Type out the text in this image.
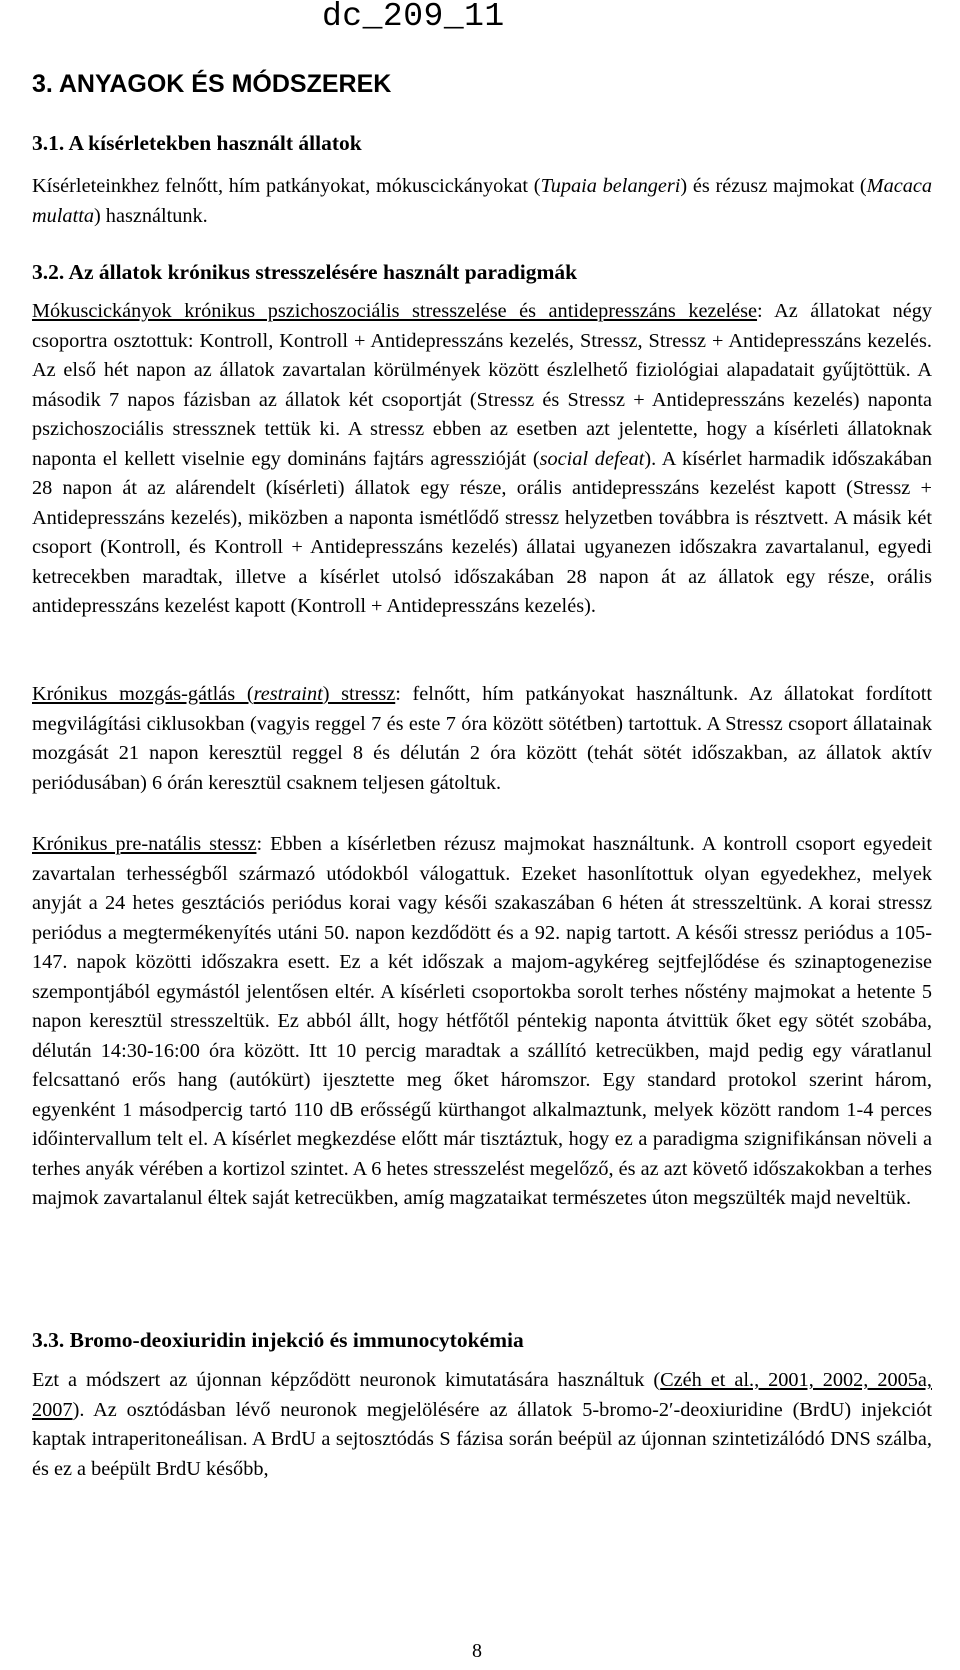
dc_209_11
3. ANYAGOK ÉS MÓDSZEREK
3.1. A kísérletekben használt állatok
Kísérleteinkhez felnőtt, hím patkányokat, mókuscickányokat (Tupaia belangeri) és rézusz majmokat (Macaca mulatta) használtunk.
3.2. Az állatok krónikus stresszelésére használt paradigmák
Mókuscickányok krónikus pszichoszociális stresszelése és antidepresszáns kezelése: Az állatokat négy csoportra osztottuk: Kontroll, Kontroll + Antidepresszáns kezelés, Stressz, Stressz + Antidepresszáns kezelés. Az első hét napon az állatok zavartalan körülmények között észlelhető fiziológiai alapadatait gyűjtöttük. A második 7 napos fázisban az állatok két csoportját (Stressz és Stressz + Antidepresszáns kezelés) naponta pszichoszociális stressznek tettük ki. A stressz ebben az esetben azt jelentette, hogy a kísérleti állatoknak naponta el kellett viselnie egy domináns fajtárs agresszióját (social defeat). A kísérlet harmadik időszakában 28 napon át az alárendelt (kísérleti) állatok egy része, orális antidepresszáns kezelést kapott (Stressz + Antidepresszáns kezelés), miközben a naponta ismétlődő stressz helyzetben továbbra is résztvett. A másik két csoport (Kontroll, és Kontroll + Antidepresszáns kezelés) állatai ugyanezen időszakra zavartalanul, egyedi ketrecekben maradtak, illetve a kísérlet utolsó időszakában 28 napon át az állatok egy része, orális antidepresszáns kezelést kapott (Kontroll + Antidepresszáns kezelés).
Krónikus mozgás-gátlás (restraint) stressz: felnőtt, hím patkányokat használtunk. Az állatokat fordított megvilágítási ciklusokban (vagyis reggel 7 és este 7 óra között sötétben) tartottuk. A Stressz csoport állatainak mozgását 21 napon keresztül reggel 8 és délután 2 óra között (tehát sötét időszakban, az állatok aktív periódusában) 6 órán keresztül csaknem teljesen gátoltuk.
Krónikus pre-natális stessz: Ebben a kísérletben rézusz majmokat használtunk. A kontroll csoport egyedeit zavartalan terhességből származó utódokból válogattuk. Ezeket hasonlítottuk olyan egyedekhez, melyek anyját a 24 hetes gesztációs periódus korai vagy késői szakaszában 6 héten át stresszeltünk. A korai stressz periódus a megtermékenyítés utáni 50. napon kezdődött és a 92. napig tartott. A késői stressz periódus a 105-147. napok közötti időszakra esett. Ez a két időszak a majom-agykéreg sejtfejlődése és szinaptogenezise szempontjából egymástól jelentősen eltér. A kísérleti csoportokba sorolt terhes nőstény majmokat a hetente 5 napon keresztül stresszeltük. Ez abból állt, hogy hétfőtől péntekig naponta átvittük őket egy sötét szobába, délután 14:30-16:00 óra között. Itt 10 percig maradtak a szállító ketrecükben, majd pedig egy váratlanul felcsattanó erős hang (autókürt) ijesztette meg őket háromszor. Egy standard protokol szerint három, egyenként 1 másodpercig tartó 110 dB erősségű kürthangot alkalmaztunk, melyek között random 1-4 perces időintervallum telt el. A kísérlet megkezdése előtt már tisztáztuk, hogy ez a paradigma szignifikánsan növeli a terhes anyák vérében a kortizol szintet. A 6 hetes stresszelést megelőző, és az azt követő időszakokban a terhes majmok zavartalanul éltek saját ketrecükben, amíg magzataikat természetes úton megszülték majd neveltük.
3.3. Bromo-deoxiuridin injekció és immunocytokémia
Ezt a módszert az újonnan képződött neuronok kimutatására használtuk (Czéh et al., 2001, 2002, 2005a, 2007). Az osztódásban lévő neuronok megjelölésére az állatok 5-bromo-2′-deoxiuridine (BrdU) injekciót kaptak intraperitoneálisan. A BrdU a sejtosztódás S fázisa során beépül az újonnan szintetizálódó DNS szálba, és ez a beépült BrdU később,
8
